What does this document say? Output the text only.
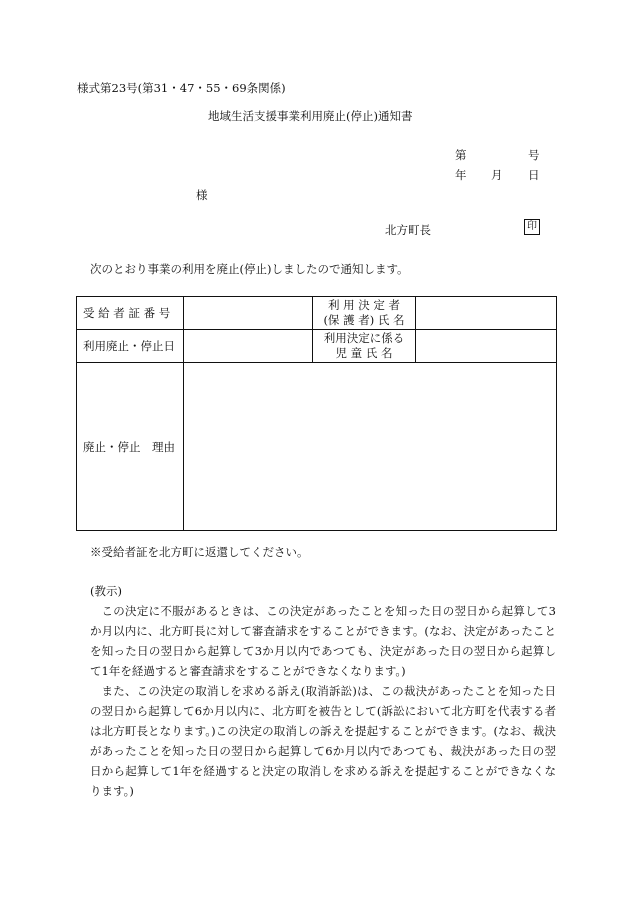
様式第23号(第31・47・55・69条関係)
地域生活支援事業利用廃止(停止)通知書
第	号
年 月 日
様
北方町長	印
次のとおり事業の利用を廃止(停止)しましたので通知します。
受 給 者 証 番 号		利 用 決 定 者
(保 護 者) 氏 名	

利用廃止・停止日		利用決定に係る
児 童 氏 名	

廃止・停止　理由			
※受給者証を北方町に返還してください。
(教示)

この決定に不服があるときは、この決定があったことを知った日の翌日から起算して3か月以内に、北方町長に対して審査請求をすることができます。(なお、決定があったことを知った日の翌日から起算して3か月以内であつても、決定があった日の翌日から起算して1年を経過すると審査請求をすることができなくなります。)

また、この決定の取消しを求める訴え(取消訴訟)は、この裁決があったことを知った日の翌日から起算して6か月以内に、北方町を被告として(訴訟において北方町を代表する者は北方町長となります。)この決定の取消しの訴えを提起することができます。(なお、裁決があったことを知った日の翌日から起算して6か月以内であつても、裁決があった日の翌日から起算して1年を経過すると決定の取消しを求める訴えを提起することができなくなります。)
